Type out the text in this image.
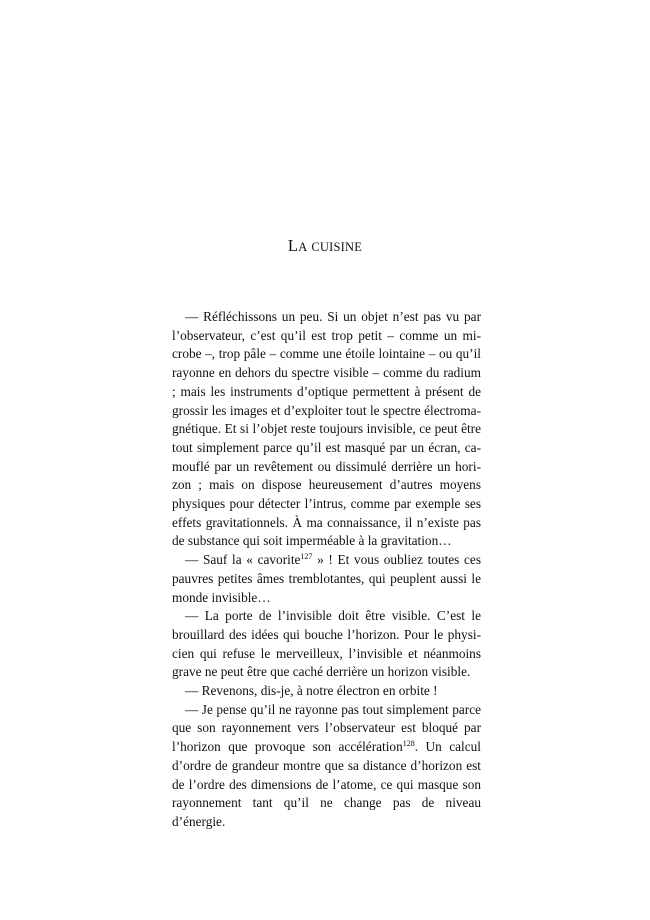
LA CUISINE

— Réfléchissons un peu. Si un objet n’est pas vu par l’observateur, c’est qu’il est trop petit – comme un microbe –, trop pâle – comme une étoile lointaine – ou qu’il rayonne en dehors du spectre visible – comme du radium ; mais les instruments d’optique permettent à présent de grossir les images et d’exploiter tout le spectre électromagnétique. Et si l’objet reste toujours invisible, ce peut être tout simplement parce qu’il est masqué par un écran, camouflé par un revêtement ou dissimulé derrière un horizon ; mais on dispose heureusement d’autres moyens physiques pour détecter l’intrus, comme par exemple ses effets gravitationnels. À ma connaissance, il n’existe pas de substance qui soit imperméable à la gravitation…

— Sauf la « cavorite$^{127}$ » ! Et vous oubliez toutes ces pauvres petites âmes tremblotantes, qui peuplent aussi le monde invisible…

— La porte de l’invisible doit être visible. C’est le brouillard des idées qui bouche l’horizon. Pour le physicien qui refuse le merveilleux, l’invisible et néanmoins grave ne peut être que caché derrière un horizon visible.

— Revenons, dis-je, à notre électron en orbite !

— Je pense qu’il ne rayonne pas tout simplement parce que son rayonnement vers l’observateur est bloqué par l’horizon que provoque son accélération$^{128}$. Un calcul d’ordre de grandeur montre que sa distance d’horizon est de l’ordre des dimensions de l’atome, ce qui masque son rayonnement tant qu’il ne change pas de niveau d’énergie.
